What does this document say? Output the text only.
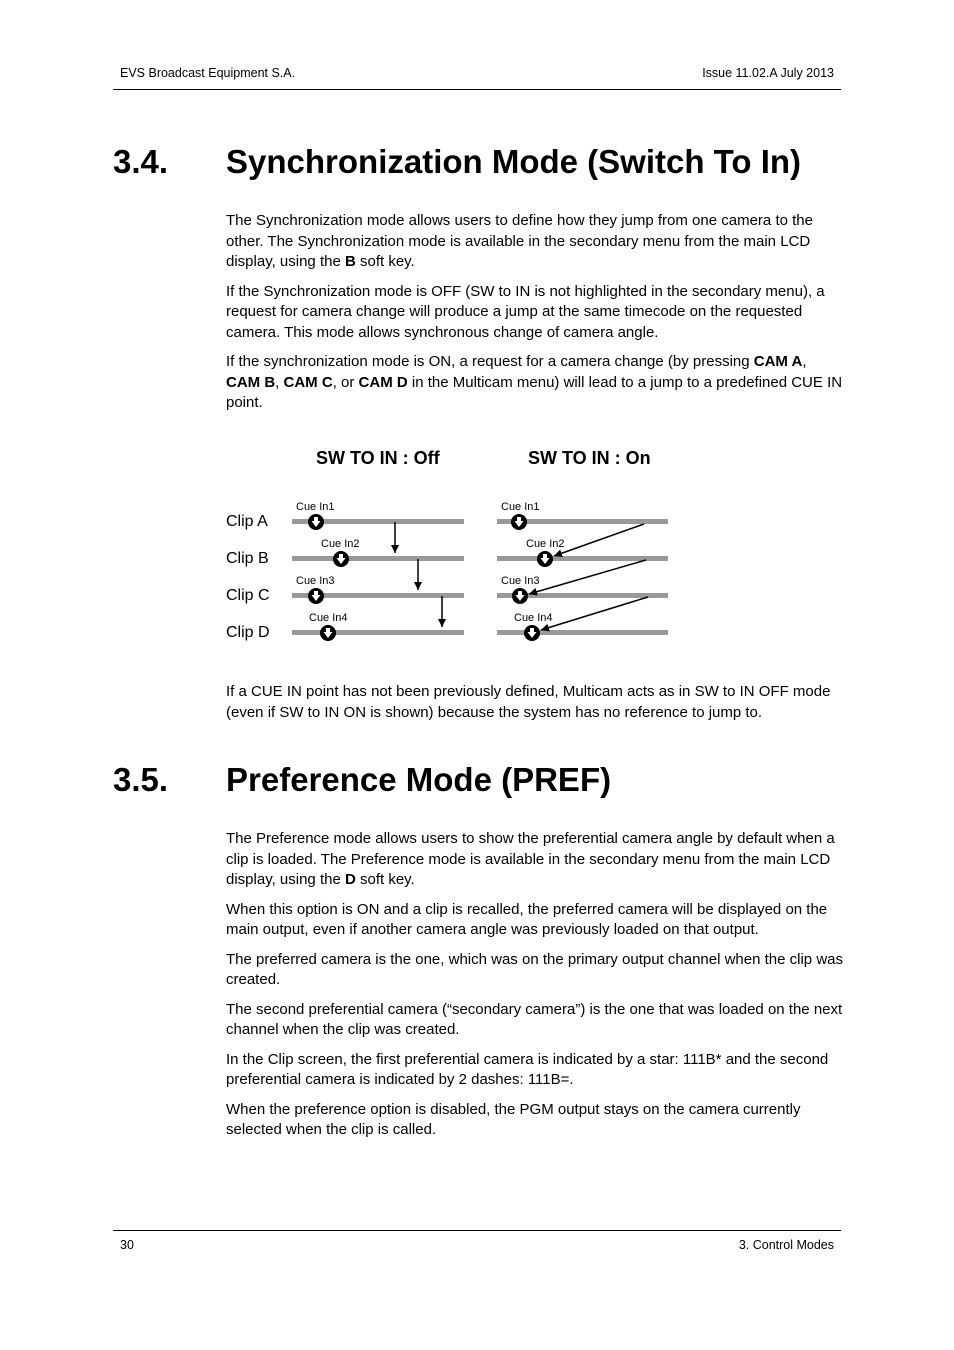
EVS Broadcast Equipment S.A.	Issue 11.02.A July 2013
3.4. Synchronization Mode (Switch To In)

The Synchronization mode allows users to define how they jump from one camera to the other. The Synchronization mode is available in the secondary menu from the main LCD display, using the B soft key.

If the Synchronization mode is OFF (SW to IN is not highlighted in the secondary menu), a request for camera change will produce a jump at the same timecode on the requested camera. This mode allows synchronous change of camera angle.

If the synchronization mode is ON, a request for a camera change (by pressing CAM A, CAM B, CAM C, or CAM D in the Multicam menu) will lead to a jump to a predefined CUE IN point.

SW TO IN : Off	SW TO IN : On
Clip A
Clip B
Clip C
Clip D
Cue In1
Cue In2
Cue In3
Cue In4
Cue In1
Cue In2
Cue In3
Cue In4

If a CUE IN point has not been previously defined, Multicam acts as in SW to IN OFF mode (even if SW to IN ON is shown) because the system has no reference to jump to.

3.5. Preference Mode (PREF)

The Preference mode allows users to show the preferential camera angle by default when a clip is loaded. The Preference mode is available in the secondary menu from the main LCD display, using the D soft key.

When this option is ON and a clip is recalled, the preferred camera will be displayed on the main output, even if another camera angle was previously loaded on that output.

The preferred camera is the one, which was on the primary output channel when the clip was created.

The second preferential camera (“secondary camera”) is the one that was loaded on the next channel when the clip was created.

In the Clip screen, the first preferential camera is indicated by a star: 111B* and the second preferential camera is indicated by 2 dashes: 111B=.

When the preference option is disabled, the PGM output stays on the camera currently selected when the clip is called.

30	3. Control Modes
